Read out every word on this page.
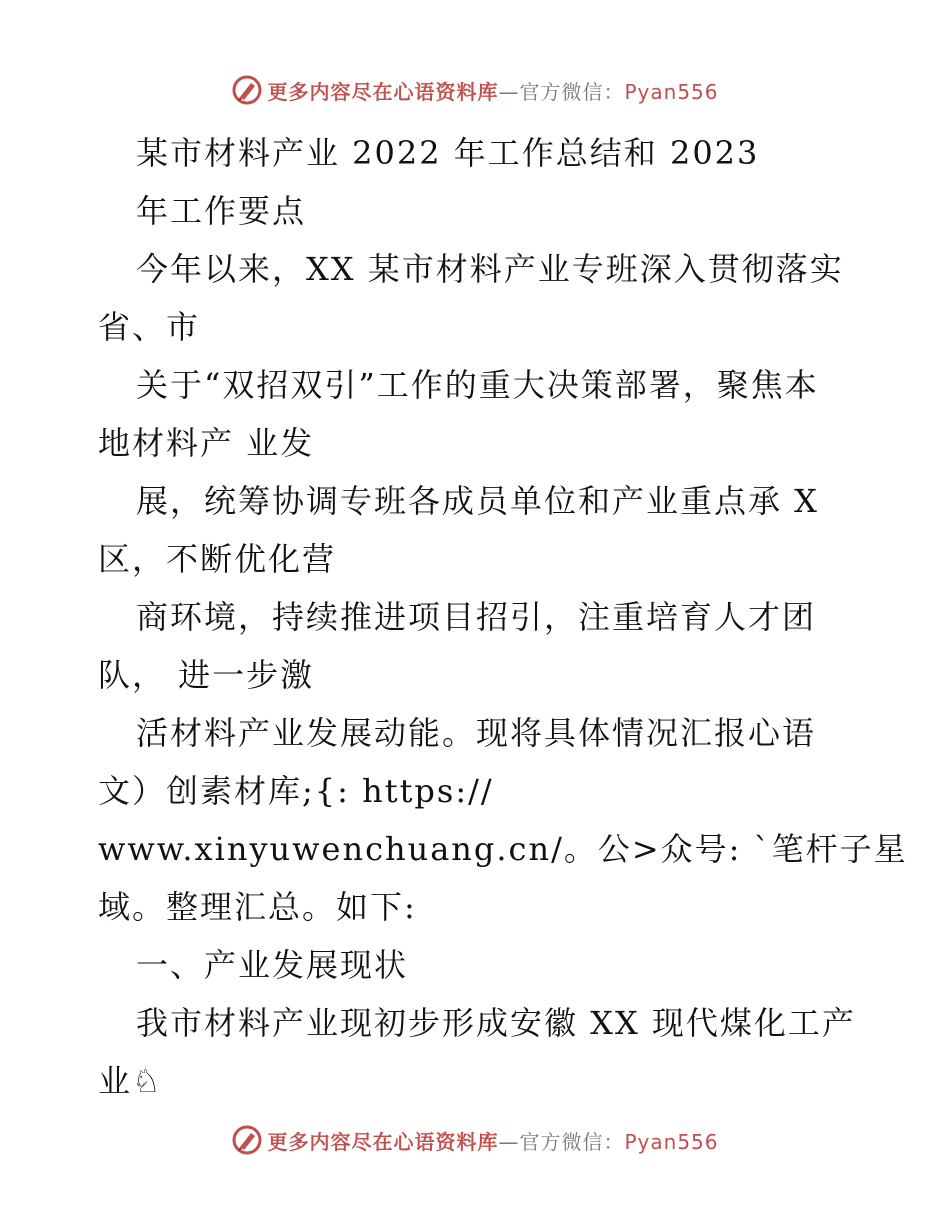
更多内容尽在心语资料库—官方微信：Pyan556
某市材料产业 2022 年工作总结和 2023
年工作要点
今年以来，XX 某市材料产业专班深入贯彻落实
省、市
关于“双招双引”工作的重大决策部署，聚焦本
地材料产 业发
展，统筹协调专班各成员单位和产业重点承 X
区，不断优化营
商环境，持续推进项目招引，注重培育人才团
队， 进一步激
活材料产业发展动能。现将具体情况汇报心语
文）创素材库;{: https://
www.xinyuwenchuang.cn/。公>众号: `笔杆子星
域。整理汇总。如下:
一、产业发展现状
我市材料产业现初步形成安徽 XX 现代煤化工产
业♘
更多内容尽在心语资料库—官方微信：Pyan556
